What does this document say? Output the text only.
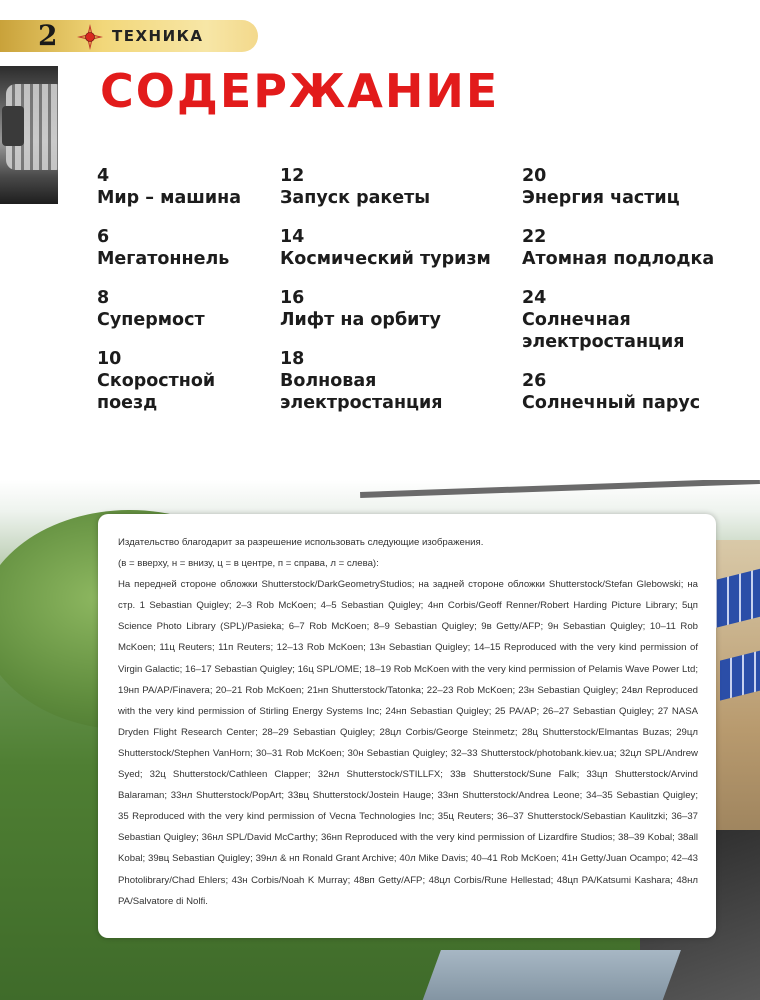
2	ТЕХНИКА
СОДЕРЖАНИЕ
4
Мир – машина
6
Мегатоннель
8
Супермост
10
Скоростной поезд
12
Запуск ракеты
14
Космический туризм
16
Лифт на орбиту
18
Волновая электростанция
20
Энергия частиц
22
Атомная подлодка
24
Солнечная электростанция
26
Солнечный парус

Издательство благодарит за разрешение использовать следующие изображения.

(в = вверху, н = внизу, ц = в центре, п = справа, л = слева):

На передней стороне обложки Shutterstock/DarkGeometryStudios; на задней стороне обложки Shutterstock/Stefan Glebowski; на стр. 1 Sebastian Quigley; 2–3 Rob McKoen; 4–5 Sebastian Quigley; 4нп Corbis/Geoff Renner/Robert Harding Picture Library; 5цп Science Photo Library (SPL)/Pasieka; 6–7 Rob McKoen; 8–9 Sebastian Quigley; 9в Getty/AFP; 9н Sebastian Quigley; 10–11 Rob McKoen; 11ц Reuters; 11п Reuters; 12–13 Rob McKoen; 13н Sebastian Quigley; 14–15 Reproduced with the very kind permission of Virgin Galactic; 16–17 Sebastian Quigley; 16ц SPL/OME; 18–19 Rob McKoen with the very kind permission of Pelamis Wave Power Ltd; 19нп PA/AP/Finavera; 20–21 Rob McKoen; 21нп Shutterstock/Tatonka; 22–23 Rob McKoen; 23н Sebastian Quigley; 24вл Reproduced with the very kind permission of Stirling Energy Systems Inc; 24нп Sebastian Quigley; 25 PA/AP; 26–27 Sebastian Quigley; 27 NASA Dryden Flight Research Center; 28–29 Sebastian Quigley; 28цл Corbis/George Steinmetz; 28ц Shutterstock/Elmantas Buzas; 29цл Shutterstock/Stephen VanHorn; 30–31 Rob McKoen; 30н Sebastian Quigley; 32–33 Shutterstock/photobank.kiev.ua; 32цл SPL/Andrew Syed; 32ц Shutterstock/Cathleen Clapper; 32нл Shutterstock/STILLFX; 33в Shutterstock/Sune Falk; 33цп Shutterstock/Arvind Balaraman; 33нл Shutterstock/PopArt; 33вц Shutterstock/Jostein Hauge; 33нп Shutterstock/Andrea Leone; 34–35 Sebastian Quigley; 35 Reproduced with the very kind permission of Vecna Technologies Inc; 35ц Reuters; 36–37 Shutterstock/Sebastian Kaulitzki; 36–37 Sebastian Quigley; 36нл SPL/David McCarthy; 36нп Reproduced with the very kind permission of Lizardfire Studios; 38–39 Kobal; 38all Kobal; 39вц Sebastian Quigley; 39нл & нп Ronald Grant Archive; 40л Mike Davis; 40–41 Rob McKoen; 41н Getty/Juan Ocampo; 42–43 Photolibrary/Chad Ehlers; 43н Corbis/Noah K Murray; 48вп Getty/AFP; 48цл Corbis/Rune Hellestad; 48цп PA/Katsumi Kashara; 48нл PA/Salvatore di Nolfi.
